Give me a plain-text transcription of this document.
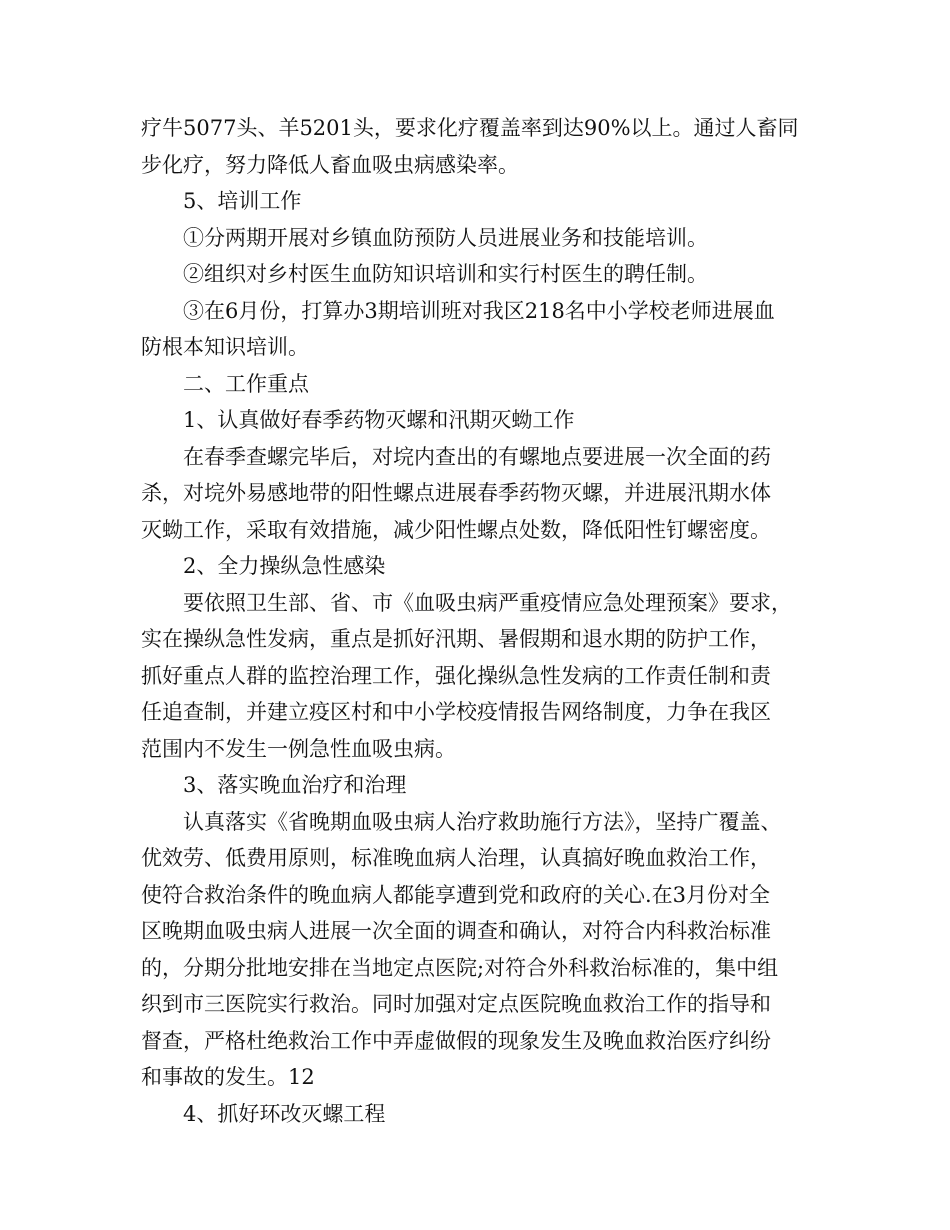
疗牛5077头、羊5201头，要求化疗覆盖率到达90%以上。通过人畜同
步化疗，努力降低人畜血吸虫病感染率。
5、培训工作
①分两期开展对乡镇血防预防人员进展业务和技能培训。
②组织对乡村医生血防知识培训和实行村医生的聘任制。
③在6月份，打算办3期培训班对我区218名中小学校老师进展血
防根本知识培训。
二、工作重点
1、认真做好春季药物灭螺和汛期灭蚴工作
在春季查螺完毕后，对垸内查出的有螺地点要进展一次全面的药
杀，对垸外易感地带的阳性螺点进展春季药物灭螺，并进展汛期水体
灭蚴工作，采取有效措施，减少阳性螺点处数，降低阳性钉螺密度。
2、全力操纵急性感染
要依照卫生部、省、市《血吸虫病严重疫情应急处理预案》要求，
实在操纵急性发病，重点是抓好汛期、暑假期和退水期的防护工作，
抓好重点人群的监控治理工作，强化操纵急性发病的工作责任制和责
任追查制，并建立疫区村和中小学校疫情报告网络制度，力争在我区
范围内不发生一例急性血吸虫病。
3、落实晚血治疗和治理
认真落实《省晚期血吸虫病人治疗救助施行方法》，坚持广覆盖、
优效劳、低费用原则，标准晚血病人治理，认真搞好晚血救治工作，
使符合救治条件的晚血病人都能享遭到党和政府的关心.在3月份对全
区晚期血吸虫病人进展一次全面的调查和确认，对符合内科救治标准
的，分期分批地安排在当地定点医院;对符合外科救治标准的，集中组
织到市三医院实行救治。同时加强对定点医院晚血救治工作的指导和
督查，严格杜绝救治工作中弄虚做假的现象发生及晚血救治医疗纠纷
和事故的发生。12
4、抓好环改灭螺工程
